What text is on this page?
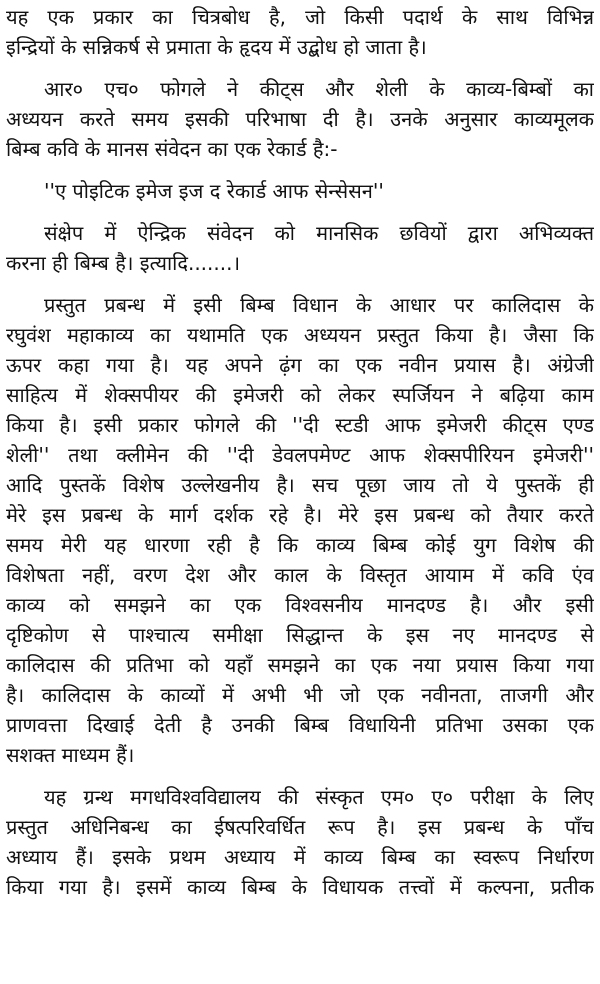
यह एक प्रकार का चित्रबोध है, जो किसी पदार्थ के साथ विभिन्न
इन्द्रियों के सन्निकर्ष से प्रमाता के हृदय में उद्बोध हो जाता है।
आर० एच० फोगले ने कीट्स और शेली के काव्य-बिम्बों का
अध्ययन करते समय इसकी परिभाषा दी है। उनके अनुसार काव्यमूलक
बिम्ब कवि के मानस संवेदन का एक रेकार्ड है:-
''ए पोइटिक इमेज इज द रेकार्ड आफ सेन्सेसन''
संक्षेप में ऐन्द्रिक संवेदन को मानसिक छवियों द्वारा अभिव्यक्त
करना ही बिम्ब है। इत्यादि.......।
प्रस्तुत प्रबन्ध में इसी बिम्ब विधान के आधार पर कालिदास के
रघुवंश महाकाव्य का यथामति एक अध्ययन प्रस्तुत किया है। जैसा कि
ऊपर कहा गया है। यह अपने ढ़ंग का एक नवीन प्रयास है। अंग्रेजी
साहित्य में शेक्सपीयर की इमेजरी को लेकर स्पर्जियन ने बढ़िया काम
किया है। इसी प्रकार फोगले की ''दी स्टडी आफ इमेजरी कीट्स एण्ड
शेली'' तथा क्लीमेन की ''दी डेवलपमेण्ट आफ शेक्सपीरियन इमेजरी''
आदि पुस्तकें विशेष उल्लेखनीय है। सच पूछा जाय तो ये पुस्तकें ही
मेरे इस प्रबन्ध के मार्ग दर्शक रहे है। मेरे इस प्रबन्ध को तैयार करते
समय मेरी यह धारणा रही है कि काव्य बिम्ब कोई युग विशेष की
विशेषता नहीं, वरण देश और काल के विस्तृत आयाम में कवि एंव
काव्य को समझने का एक विश्वसनीय मानदण्ड है। और इसी
दृष्टिकोण से पाश्चात्य समीक्षा सिद्धान्त के इस नए मानदण्ड से
कालिदास की प्रतिभा को यहाँ समझने का एक नया प्रयास किया गया
है। कालिदास के काव्यों में अभी भी जो एक नवीनता, ताजगी और
प्राणवत्ता दिखाई देती है उनकी बिम्ब विधायिनी प्रतिभा उसका एक
सशक्त माध्यम हैं।
यह ग्रन्थ मगधविश्वविद्यालय की संस्कृत एम० ए० परीक्षा के लिए
प्रस्तुत अधिनिबन्ध का ईषत्परिवर्धित रूप है। इस प्रबन्ध के पाँच
अध्याय हैं। इसके प्रथम अध्याय में काव्य बिम्ब का स्वरूप निर्धारण
किया गया है। इसमें काव्य बिम्ब के विधायक तत्त्वों में कल्पना, प्रतीक
